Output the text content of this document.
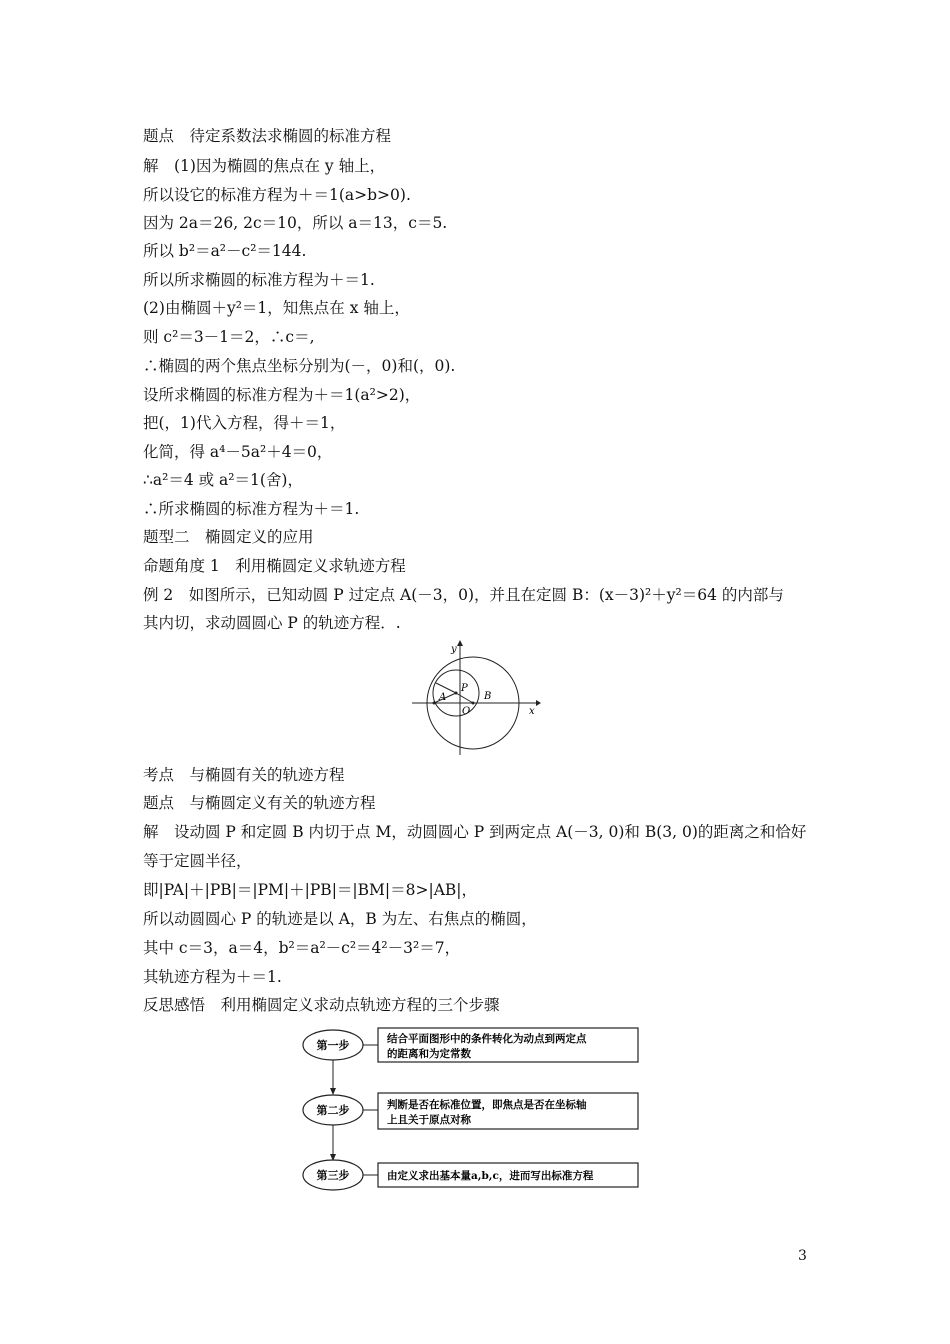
题点　待定系数法求椭圆的标准方程
解　(1)因为椭圆的焦点在 y 轴上，
所以设它的标准方程为＋＝1(a>b>0).
因为 2a＝26, 2c＝10，所以 a＝13，c＝5.
所以 b²＝a²－c²＝144.
所以所求椭圆的标准方程为＋＝1.
(2)由椭圆＋y²＝1，知焦点在 x 轴上，
则 c²＝3－1＝2，∴c＝,
∴椭圆的两个焦点坐标分别为(－，0)和(，0).
设所求椭圆的标准方程为＋＝1(a²>2)，
把(，1)代入方程，得＋＝1，
化简，得 a⁴－5a²＋4＝0，
∴a²＝4 或 a²＝1(舍)，
∴所求椭圆的标准方程为＋＝1.
题型二　椭圆定义的应用
命题角度 1　利用椭圆定义求轨迹方程
例 2　如图所示，已知动圆 P 过定点 A(－3，0)，并且在定圆 B：(x－3)²＋y²＝64 的内部与
其内切，求动圆圆心 P 的轨迹方程．.
y
x
P
A	B
O
考点　与椭圆有关的轨迹方程
题点　与椭圆定义有关的轨迹方程
解　设动圆 P 和定圆 B 内切于点 M，动圆圆心 P 到两定点 A(－3, 0)和 B(3, 0)的距离之和恰好
等于定圆半径，
即|PA|＋|PB|＝|PM|＋|PB|＝|BM|＝8>|AB|，
所以动圆圆心 P 的轨迹是以 A，B 为左、右焦点的椭圆，
其中 c＝3，a＝4，b²＝a²－c²＝4²－3²＝7，
其轨迹方程为＋＝1.
反思感悟　利用椭圆定义求动点轨迹方程的三个步骤
第一步	结合平面图形中的条件转化为动点到两定点
的距离和为定常数
第二步	判断是否在标准位置，即焦点是否在坐标轴
上且关于原点对称
第三步	由定义求出基本量a,b,c，进而写出标准方程
3
